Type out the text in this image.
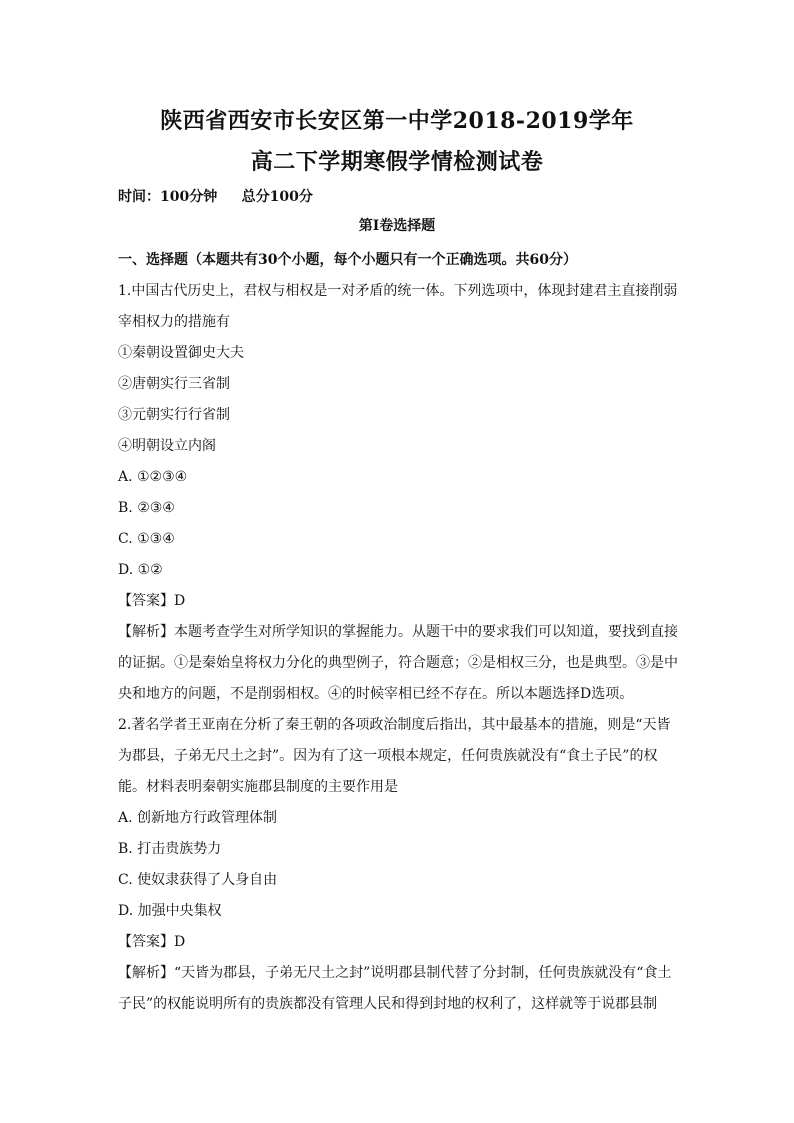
陕西省西安市长安区第一中学2018-2019学年
高二下学期寒假学情检测试卷
时间：100分钟     总分100分
第Ⅰ卷选择题

一、选择题（本题共有30个小题，每个小题只有一个正确选项。共60分）

1.中国古代历史上，君权与相权是一对矛盾的统一体。下列选项中，体现封建君主直接削弱宰相权力的措施有

①秦朝设置御史大夫

②唐朝实行三省制

③元朝实行行省制

④明朝设立内阁

A. ①②③④

B. ②③④

C. ①③④

D. ①②

【答案】D

【解析】本题考查学生对所学知识的掌握能力。从题干中的要求我们可以知道，要找到直接的证据。①是秦始皇将权力分化的典型例子，符合题意；②是相权三分，也是典型。③是中央和地方的问题，不是削弱相权。④的时候宰相已经不存在。所以本题选择D选项。

2.著名学者王亚南在分析了秦王朝的各项政治制度后指出，其中最基本的措施，则是“天皆为郡县，子弟无尺土之封”。因为有了这一项根本规定，任何贵族就没有“食土子民”的权能。材料表明秦朝实施郡县制度的主要作用是

A. 创新地方行政管理体制

B. 打击贵族势力

C. 使奴隶获得了人身自由

D. 加强中央集权

【答案】D

【解析】“天皆为郡县，子弟无尺土之封”说明郡县制代替了分封制，任何贵族就没有“食土子民”的权能说明所有的贵族都没有管理人民和得到封地的权利了，这样就等于说郡县制
